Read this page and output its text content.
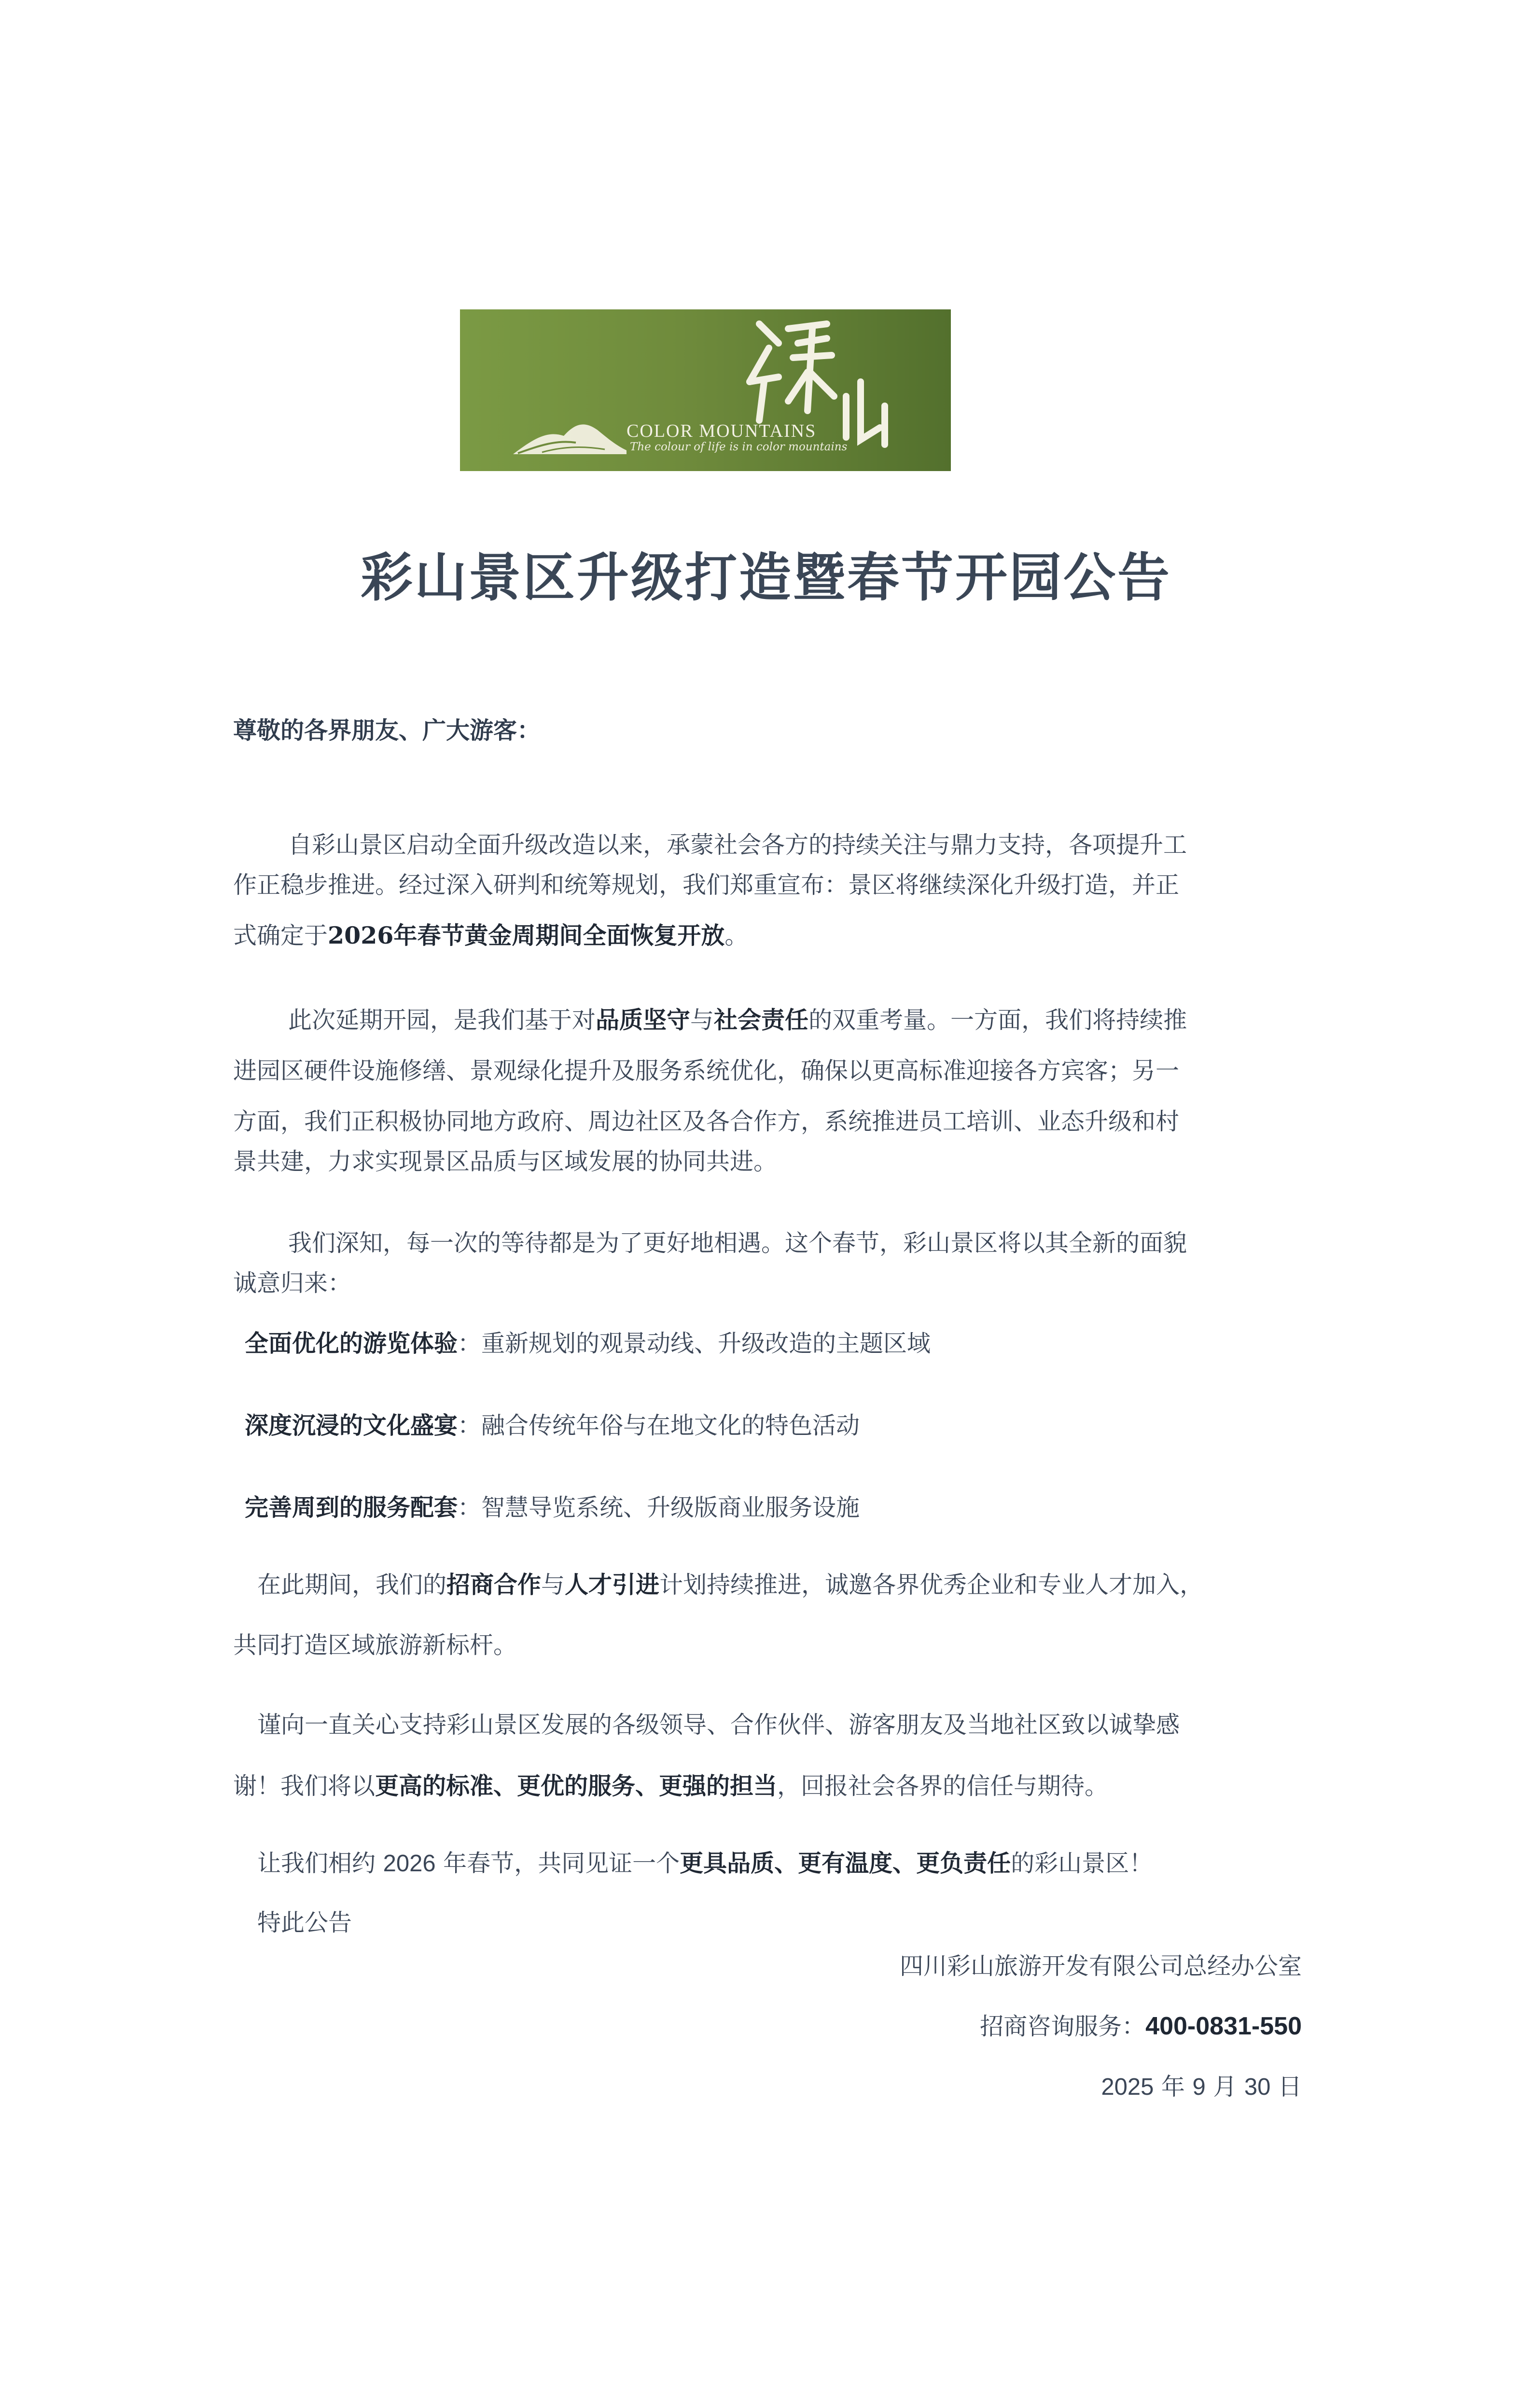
COLOR MOUNTAINS
The colour of life is in color mountains
彩山景区升级打造暨春节开园公告
尊敬的各界朋友、广大游客：
自彩山景区启动全面升级改造以来，承蒙社会各方的持续关注与鼎力支持，各项提升工
作正稳步推进。经过深入研判和统筹规划，我们郑重宣布：景区将继续深化升级打造，并正
式确定于2026年春节黄金周期间全面恢复开放。
此次延期开园，是我们基于对品质坚守与社会责任的双重考量。一方面，我们将持续推
进园区硬件设施修缮、景观绿化提升及服务系统优化，确保以更高标准迎接各方宾客；另一
方面，我们正积极协同地方政府、周边社区及各合作方，系统推进员工培训、业态升级和村
景共建，力求实现景区品质与区域发展的协同共进。
我们深知，每一次的等待都是为了更好地相遇。这个春节，彩山景区将以其全新的面貌
诚意归来：
全面优化的游览体验：重新规划的观景动线、升级改造的主题区域
深度沉浸的文化盛宴：融合传统年俗与在地文化的特色活动
完善周到的服务配套：智慧导览系统、升级版商业服务设施
在此期间，我们的招商合作与人才引进计划持续推进，诚邀各界优秀企业和专业人才加入，
共同打造区域旅游新标杆。
谨向一直关心支持彩山景区发展的各级领导、合作伙伴、游客朋友及当地社区致以诚挚感
谢！我们将以更高的标准、更优的服务、更强的担当，回报社会各界的信任与期待。
让我们相约 2026 年春节，共同见证一个更具品质、更有温度、更负责任的彩山景区！
特此公告
四川彩山旅游开发有限公司总经办公室
招商咨询服务：400-0831-550
2025 年 9 月 30 日
